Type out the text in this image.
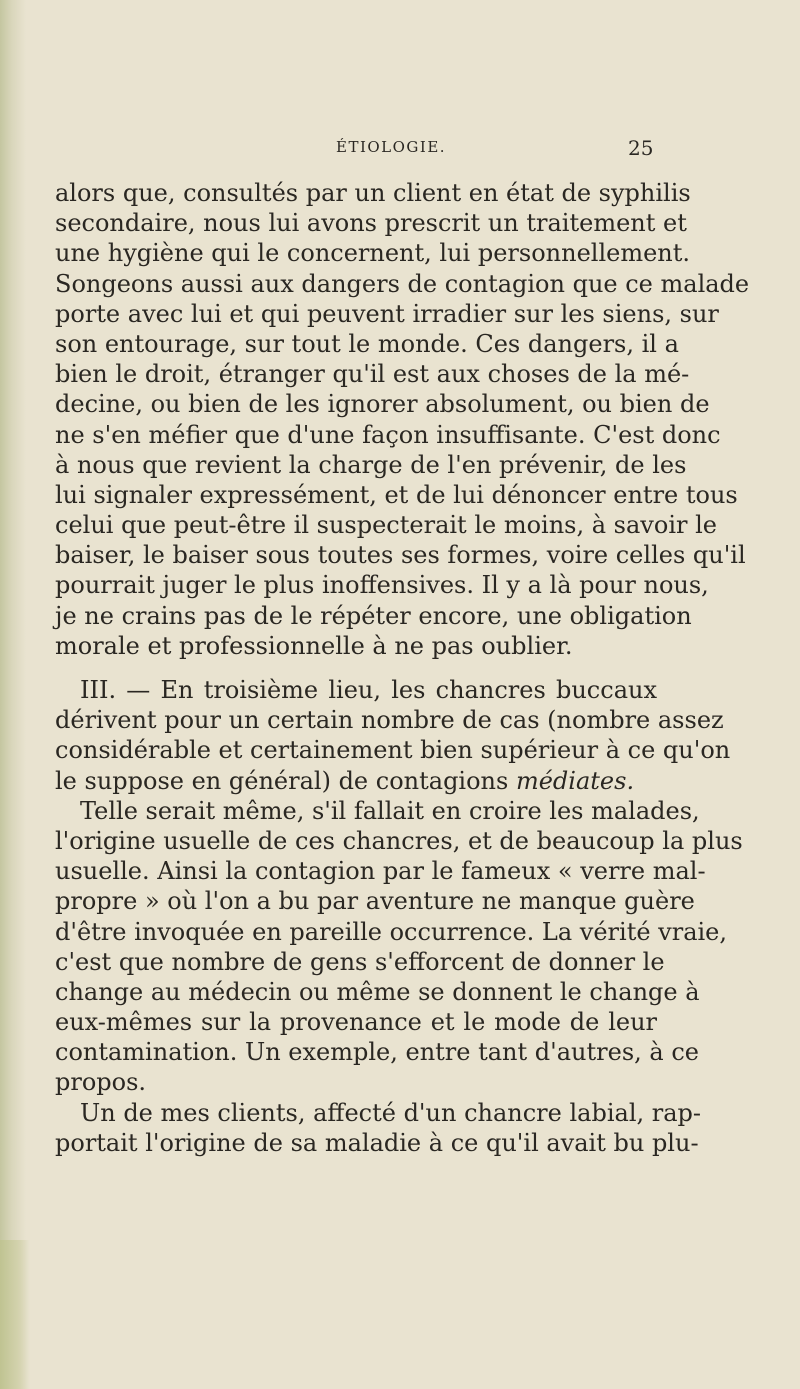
ÉTIOLOGIE.	25
alors que, consultés par un client en état de syphilis
secondaire, nous lui avons prescrit un traitement et
une hygiène qui le concernent, lui personnellement.
Songeons aussi aux dangers de contagion que ce malade
porte avec lui et qui peuvent irradier sur les siens, sur
son entourage, sur tout le monde. Ces dangers, il a
bien le droit, étranger qu'il est aux choses de la mé-
decine, ou bien de les ignorer absolument, ou bien de
ne s'en méfier que d'une façon insuffisante. C'est donc
à nous que revient la charge de l'en prévenir, de les
lui signaler expressément, et de lui dénoncer entre tous
celui que peut-être il suspecterait le moins, à savoir le
baiser, le baiser sous toutes ses formes, voire celles qu'il
pourrait juger le plus inoffensives. Il y a là pour nous,
je ne crains pas de le répéter encore, une obligation
morale et professionnelle à ne pas oublier.
III. — En troisième lieu, les chancres buccaux
dérivent pour un certain nombre de cas (nombre assez
considérable et certainement bien supérieur à ce qu'on
le suppose en général) de contagions médiates.
Telle serait même, s'il fallait en croire les malades,
l'origine usuelle de ces chancres, et de beaucoup la plus
usuelle. Ainsi la contagion par le fameux « verre mal-
propre » où l'on a bu par aventure ne manque guère
d'être invoquée en pareille occurrence. La vérité vraie,
c'est que nombre de gens s'efforcent de donner le
change au médecin ou même se donnent le change à
eux-mêmes sur la provenance et le mode de leur
contamination. Un exemple, entre tant d'autres, à ce
propos.
Un de mes clients, affecté d'un chancre labial, rap-
portait l'origine de sa maladie à ce qu'il avait bu plu-
